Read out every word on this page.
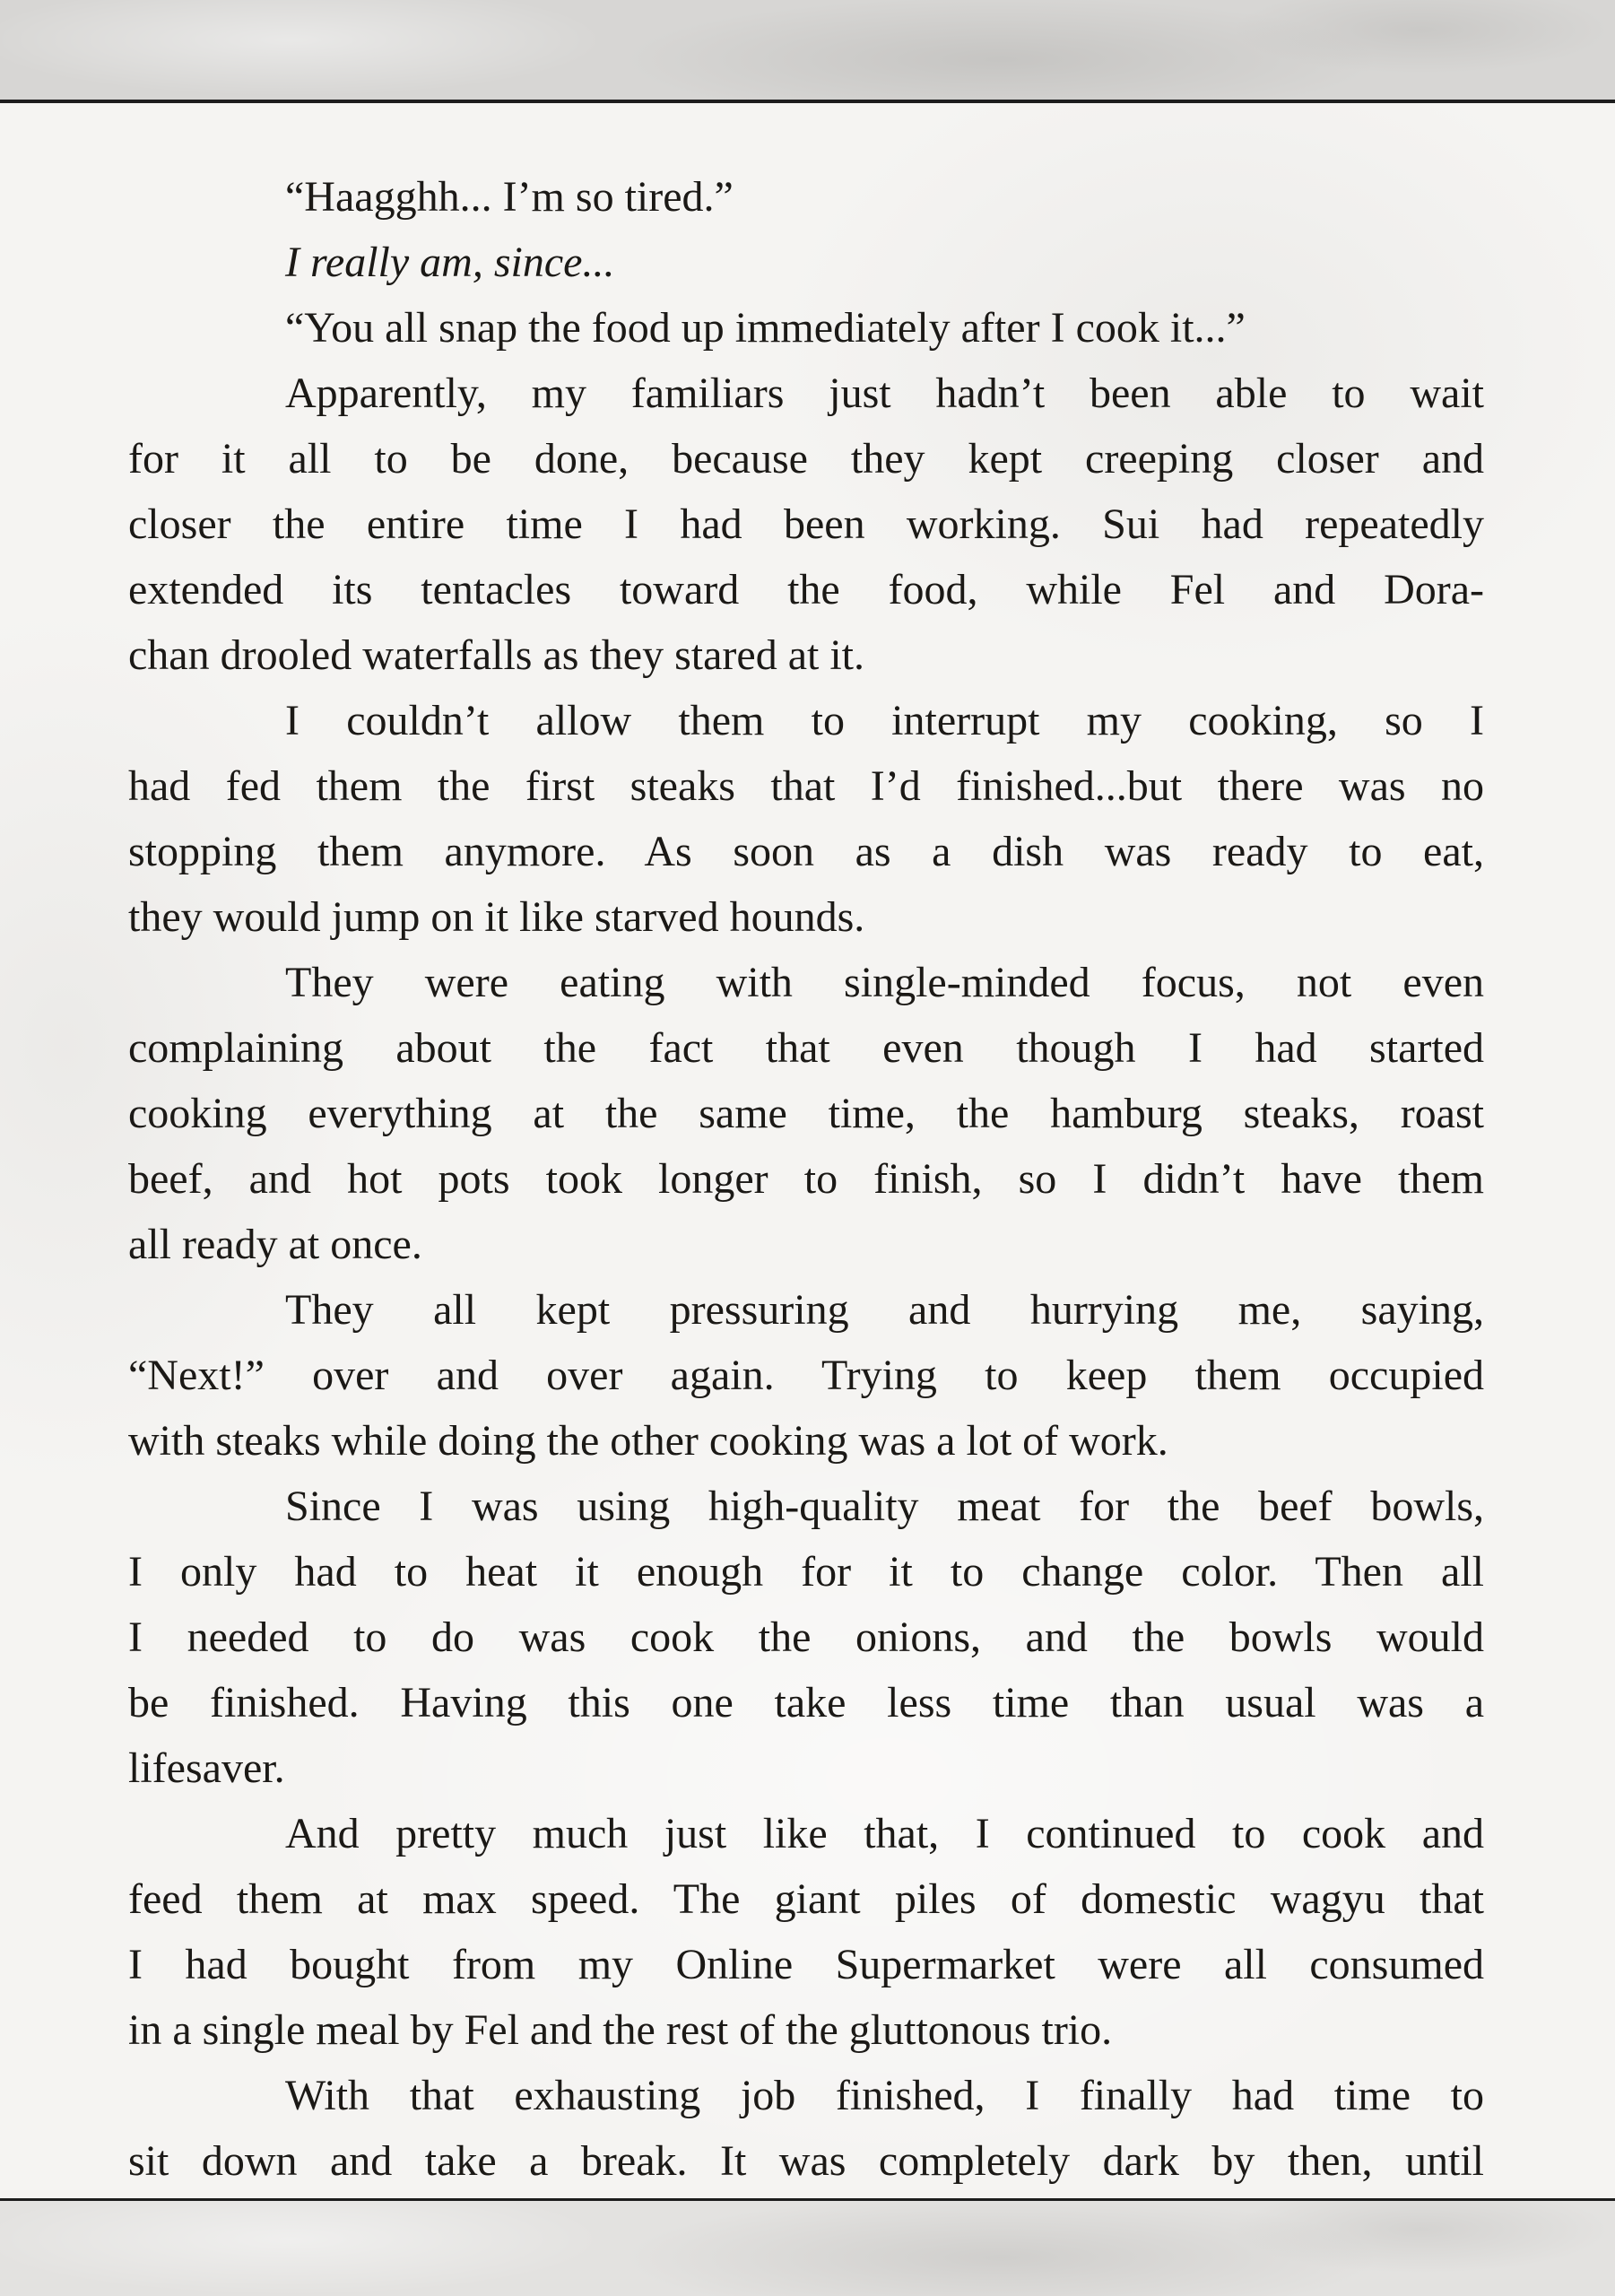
“Haagghh... I’m so tired.”

I really am, since...

“You all snap the food up immediately after I cook it...”

Apparently, my familiars just hadn’t been able to wait
for it all to be done, because they kept creeping closer and
closer the entire time I had been working. Sui had repeatedly
extended its tentacles toward the food, while Fel and Dora-
chan drooled waterfalls as they stared at it.

I couldn’t allow them to interrupt my cooking, so I
had fed them the first steaks that I’d finished...but there was no
stopping them anymore. As soon as a dish was ready to eat,
they would jump on it like starved hounds.

They were eating with single-minded focus, not even
complaining about the fact that even though I had started
cooking everything at the same time, the hamburg steaks, roast
beef, and hot pots took longer to finish, so I didn’t have them
all ready at once.

They all kept pressuring and hurrying me, saying,
“Next!” over and over again. Trying to keep them occupied
with steaks while doing the other cooking was a lot of work.

Since I was using high-quality meat for the beef bowls,
I only had to heat it enough for it to change color. Then all
I needed to do was cook the onions, and the bowls would
be finished. Having this one take less time than usual was a
lifesaver.

And pretty much just like that, I continued to cook and
feed them at max speed. The giant piles of domestic wagyu that
I had bought from my Online Supermarket were all consumed
in a single meal by Fel and the rest of the gluttonous trio.

With that exhausting job finished, I finally had time to
sit down and take a break. It was completely dark by then, until
